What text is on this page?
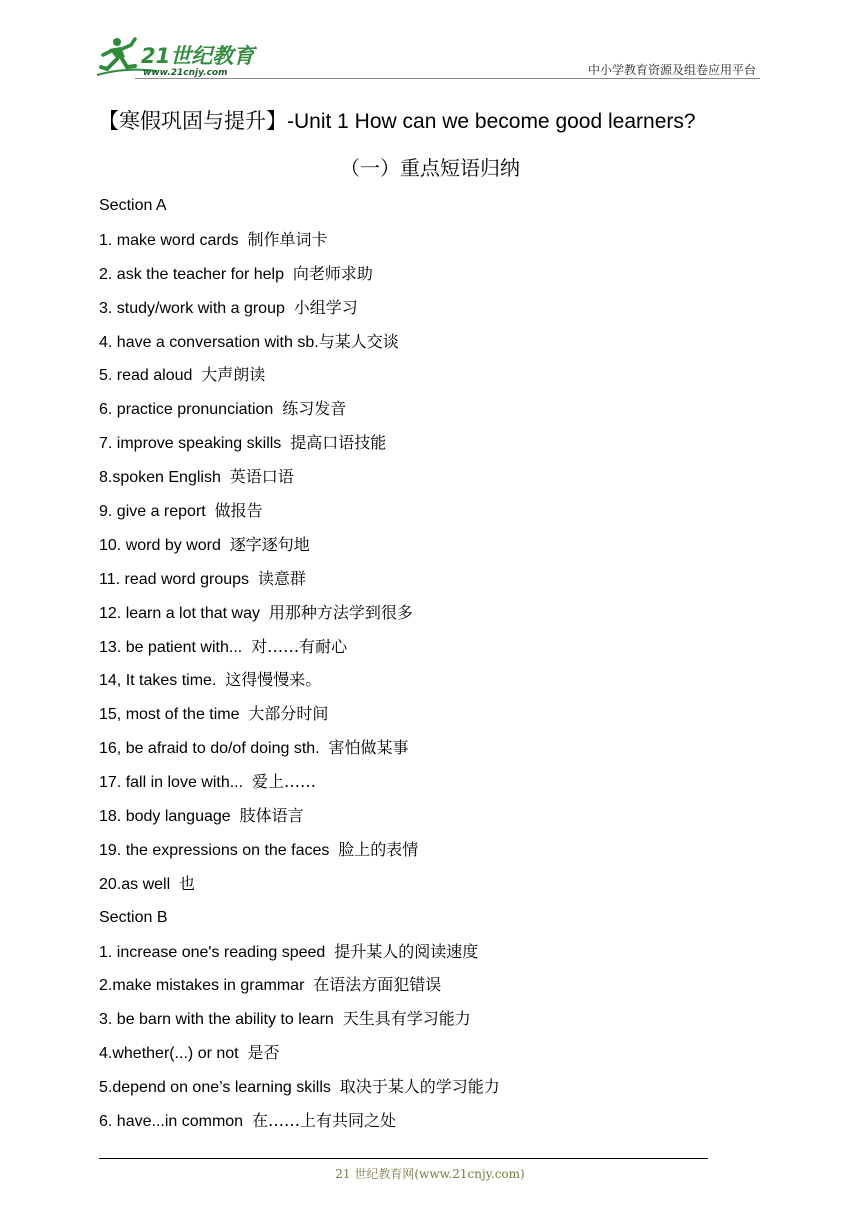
21世纪教育
www.21cnjy.com	中小学教育资源及组卷应用平台
【寒假巩固与提升】-Unit 1 How can we become good learners?
（一）重点短语归纳
Section A
1. make word cards 制作单词卡
2. ask the teacher for help 向老师求助
3. study/work with a group 小组学习
4. have a conversation with sb.与某人交谈
5. read aloud 大声朗读
6. practice pronunciation 练习发音
7. improve speaking skills 提高口语技能
8.spoken English 英语口语
9. give a report 做报告
10. word by word 逐字逐句地
11. read word groups 读意群
12. learn a lot that way 用那种方法学到很多
13. be patient with... 对……有耐心
14, It takes time. 这得慢慢来。
15, most of the time 大部分时间
16, be afraid to do/of doing sth. 害怕做某事
17. fall in love with... 爱上……
18. body language 肢体语言
19. the expressions on the faces 脸上的表情
20.as well 也
Section B
1. increase one's reading speed 提升某人的阅读速度
2.make mistakes in grammar 在语法方面犯错误
3. be barn with the ability to learn 天生具有学习能力
4.whether(...) or not 是否
5.depend on one’s learning skills 取决于某人的学习能力
6. have...in common 在……上有共同之处
21 世纪教育网(www.21cnjy.com)
